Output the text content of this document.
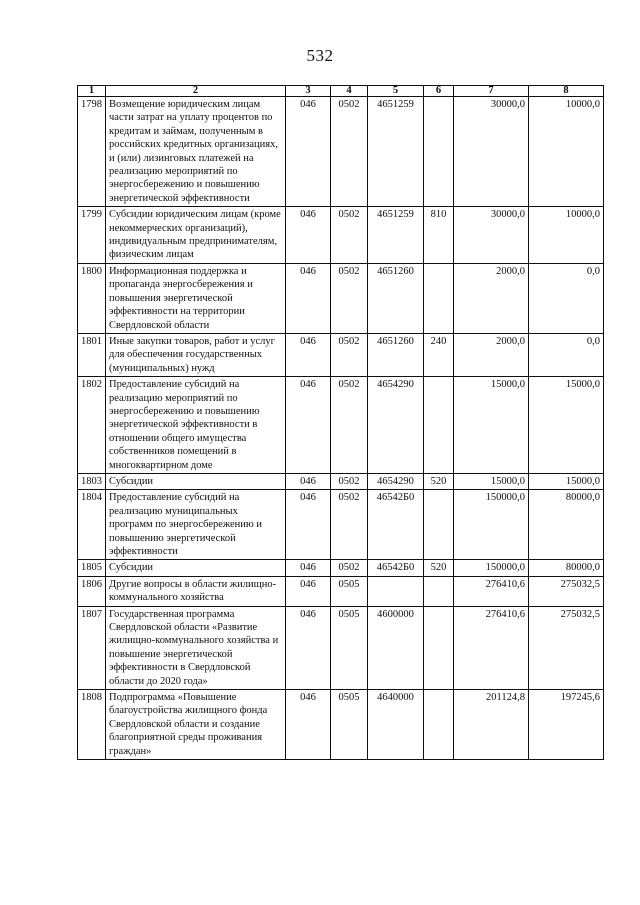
532
1	2	3	4	5	6	7	8
1798	Возмещение юридическим лицам части затрат на уплату процентов по кредитам и займам, полученным в российских кредитных организациях, и (или) лизинговых платежей на реализацию мероприятий по энергосбережению и повышению энергетической эффективности	046	0502	4651259		30000,0	10000,0
1799	Субсидии юридическим лицам (кроме некоммерческих организаций), индивидуальным предпринимателям, физическим лицам	046	0502	4651259	810	30000,0	10000,0
1800	Информационная поддержка и пропаганда энергосбережения и повышения энергетической эффективности на территории Свердловской области	046	0502	4651260		2000,0	0,0
1801	Иные закупки товаров, работ и услуг для обеспечения государственных (муниципальных) нужд	046	0502	4651260	240	2000,0	0,0
1802	Предоставление субсидий на реализацию мероприятий по энергосбережению и повышению энергетической эффективности в отношении общего имущества собственников помещений в многоквартирном доме	046	0502	4654290		15000,0	15000,0
1803	Субсидии	046	0502	4654290	520	15000,0	15000,0
1804	Предоставление субсидий на реализацию муниципальных программ по энергосбережению и повышению энергетической эффективности	046	0502	46542Б0		150000,0	80000,0
1805	Субсидии	046	0502	46542Б0	520	150000,0	80000,0
1806	Другие вопросы в области жилищно-коммунального хозяйства	046	0505			276410,6	275032,5
1807	Государственная программа Свердловской области «Развитие жилищно-коммунального хозяйства и повышение энергетической эффективности в Свердловской области до 2020 года»	046	0505	4600000		276410,6	275032,5
1808	Подпрограмма «Повышение благоустройства жилищного фонда Свердловской области и создание благоприятной среды проживания граждан»	046	0505	4640000		201124,8	197245,6
